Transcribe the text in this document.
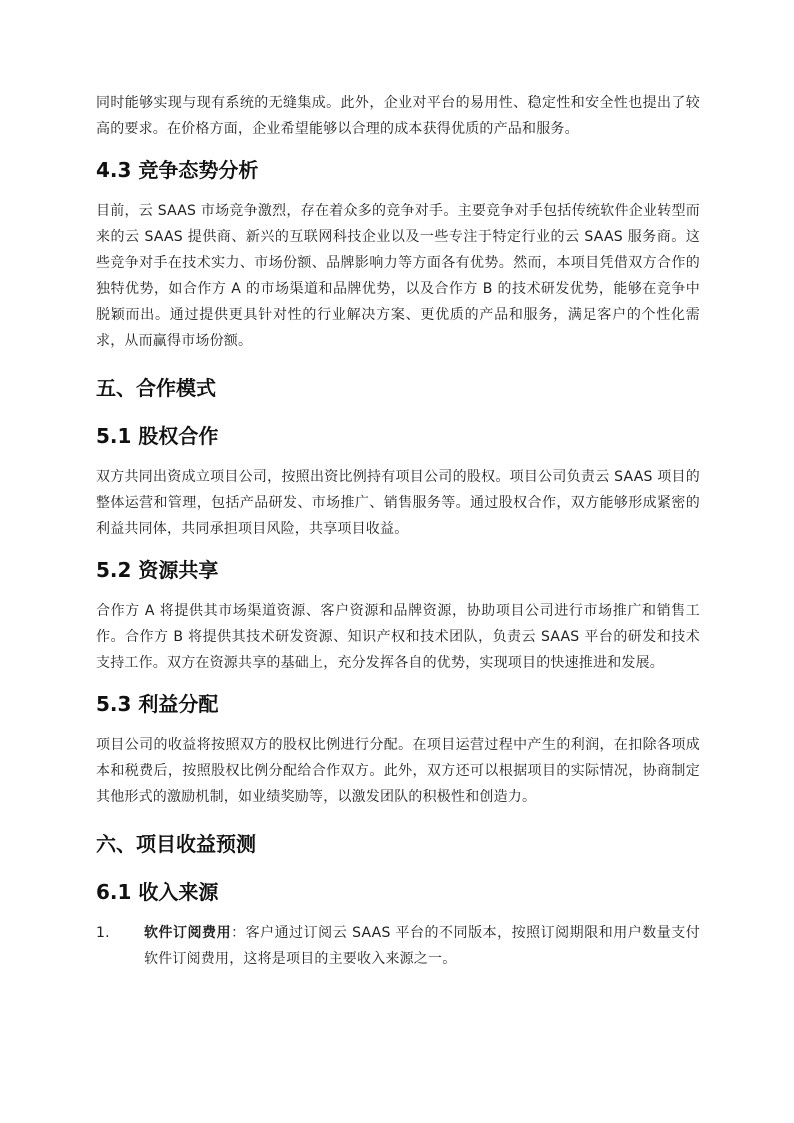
同时能够实现与现有系统的无缝集成。此外，企业对平台的易用性、稳定性和安全性也提出了较高的要求。在价格方面，企业希望能够以合理的成本获得优质的产品和服务。

4.3 竞争态势分析

目前，云 SAAS 市场竞争激烈，存在着众多的竞争对手。主要竞争对手包括传统软件企业转型而来的云 SAAS 提供商、新兴的互联网科技企业以及一些专注于特定行业的云 SAAS 服务商。这些竞争对手在技术实力、市场份额、品牌影响力等方面各有优势。然而，本项目凭借双方合作的独特优势，如合作方 A 的市场渠道和品牌优势，以及合作方 B 的技术研发优势，能够在竞争中脱颖而出。通过提供更具针对性的行业解决方案、更优质的产品和服务，满足客户的个性化需求，从而赢得市场份额。

五、合作模式
5.1 股权合作

双方共同出资成立项目公司，按照出资比例持有项目公司的股权。项目公司负责云 SAAS 项目的整体运营和管理，包括产品研发、市场推广、销售服务等。通过股权合作，双方能够形成紧密的利益共同体，共同承担项目风险，共享项目收益。

5.2 资源共享

合作方 A 将提供其市场渠道资源、客户资源和品牌资源，协助项目公司进行市场推广和销售工作。合作方 B 将提供其技术研发资源、知识产权和技术团队，负责云 SAAS 平台的研发和技术支持工作。双方在资源共享的基础上，充分发挥各自的优势，实现项目的快速推进和发展。

5.3 利益分配

项目公司的收益将按照双方的股权比例进行分配。在项目运营过程中产生的利润，在扣除各项成本和税费后，按照股权比例分配给合作双方。此外，双方还可以根据项目的实际情况，协商制定其他形式的激励机制，如业绩奖励等，以激发团队的积极性和创造力。

六、项目收益预测
6.1 收入来源
1. 软件订阅费用：客户通过订阅云 SAAS 平台的不同版本，按照订阅期限和用户数量支付软件订阅费用，这将是项目的主要收入来源之一。
